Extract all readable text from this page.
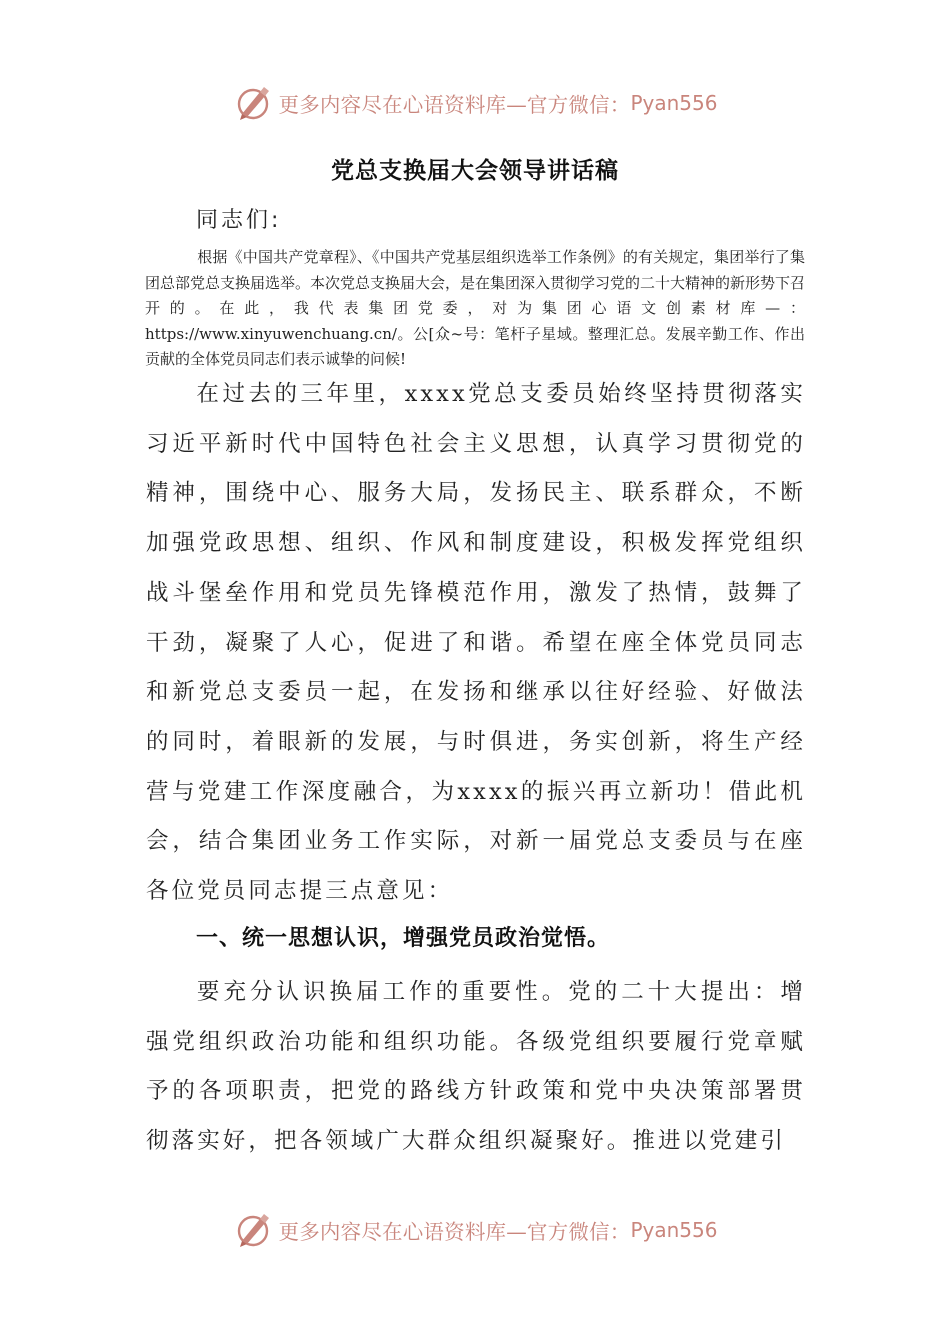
更多内容尽在心语资料库—官方微信： Pyan556
党总支换届大会领导讲话稿
同志们:
根据《中国共产党章程》、《中国共产党基层组织选举工作条例》的有关规定，集团举行了集团总部党总支换届选举。本次党总支换届大会，是在集团深入贯彻学习党的二十大精神的新形势下召开的。在此，我代表集团党委，对为集团心语文创素材库—：https://www.xinyuwenchuang.cn/。公[众~号：笔杆子星域。整理汇总。发展辛勤工作、作出贡献的全体党员同志们表示诚挚的问候!
在过去的三年里，xxxx党总支委员始终坚持贯彻落实习近平新时代中国特色社会主义思想，认真学习贯彻党的精神，围绕中心、服务大局，发扬民主、联系群众，不断加强党政思想、组织、作风和制度建设，积极发挥党组织战斗堡垒作用和党员先锋模范作用，激发了热情，鼓舞了干劲，凝聚了人心，促进了和谐。希望在座全体党员同志和新党总支委员一起，在发扬和继承以往好经验、好做法的同时，着眼新的发展，与时俱进，务实创新，将生产经营与党建工作深度融合，为xxxx的振兴再立新功！借此机会，结合集团业务工作实际，对新一届党总支委员与在座各位党员同志提三点意见：
一、统一思想认识，增强党员政治觉悟。
要充分认识换届工作的重要性。党的二十大提出：增强党组织政治功能和组织功能。各级党组织要履行党章赋予的各项职责，把党的路线方针政策和党中央决策部署贯彻落实好，把各领域广大群众组织凝聚好。推进以党建引
更多内容尽在心语资料库—官方微信： Pyan556
